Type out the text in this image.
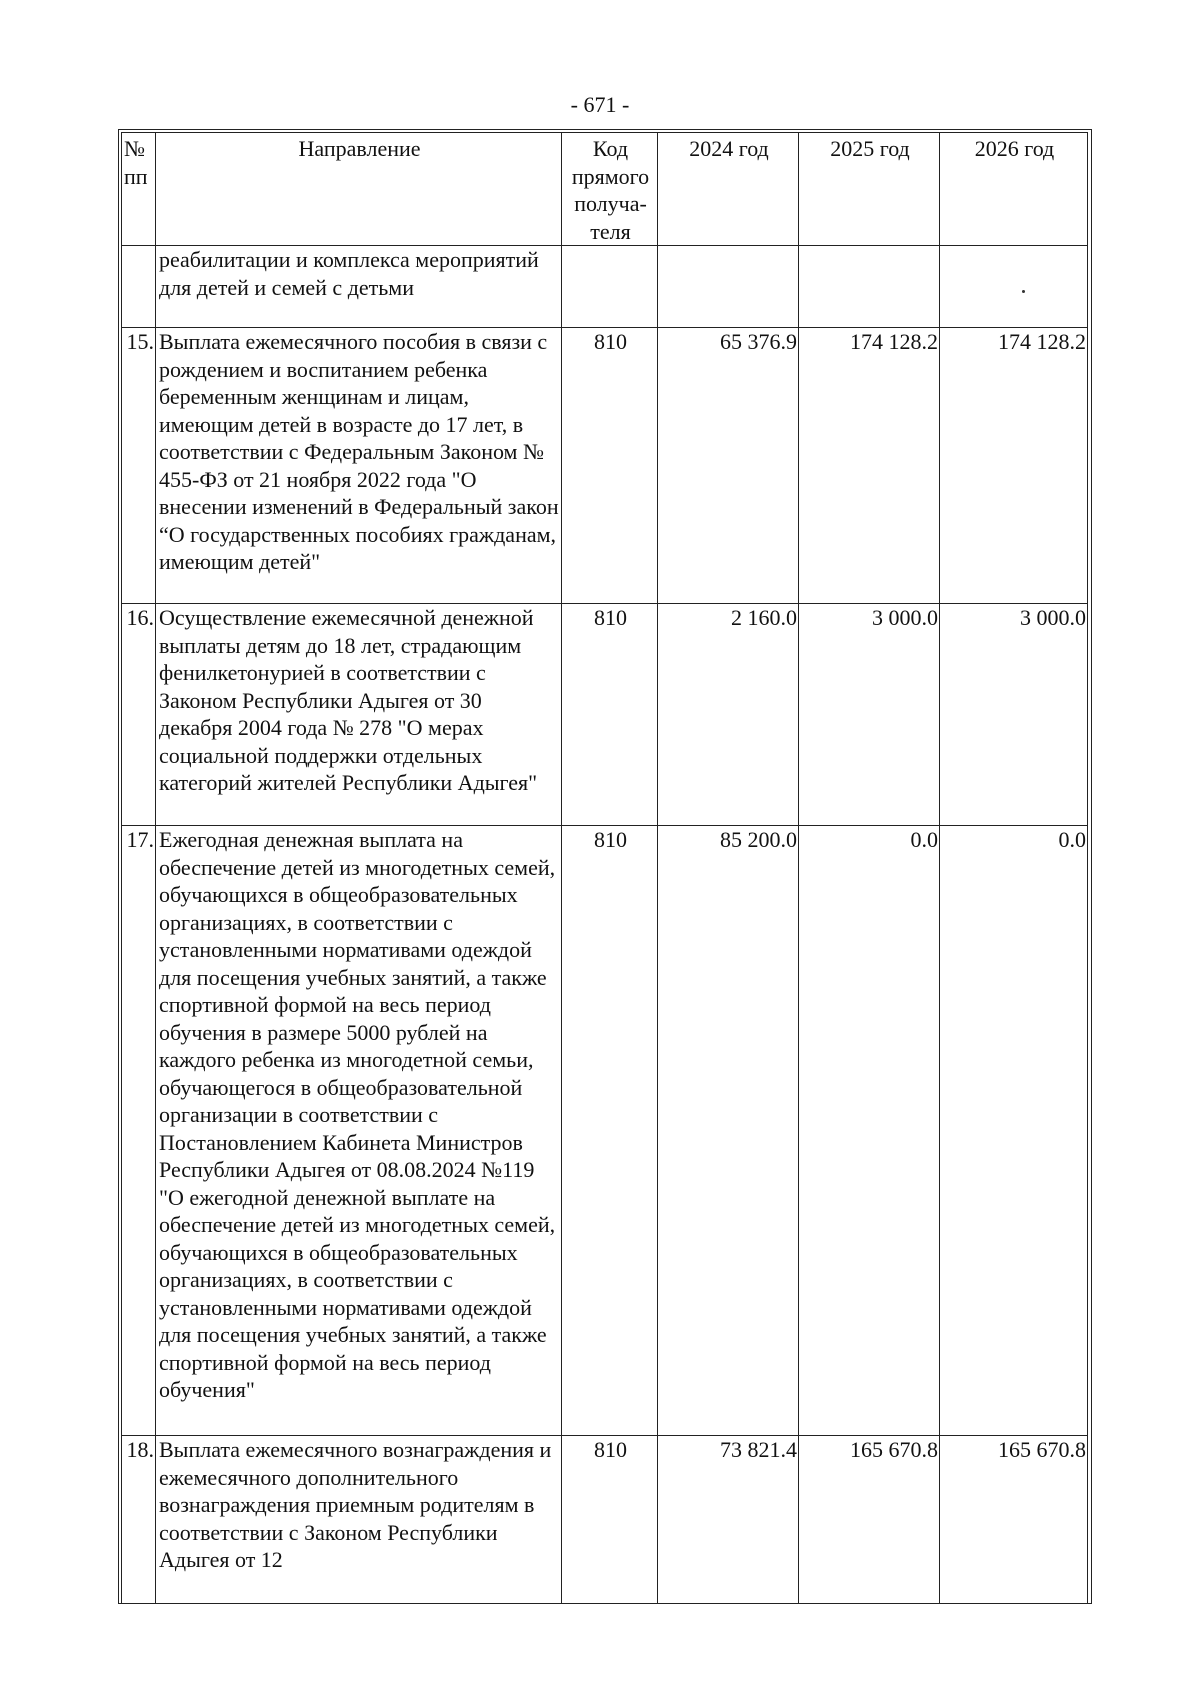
- 671 -
№ пп	Направление	Код прямого получа- теля	2024 год	2025 год	2026 год
	реабилитации и комплекса мероприятий для детей и семей с детьми				
15.	Выплата ежемесячного пособия в связи с рождением и воспитанием ребенка беременным женщинам и лицам, имеющим детей в возрасте до 17 лет, в соответствии с Федеральным Законом № 455-ФЗ от 21 ноября 2022 года "О внесении изменений в Федеральный закон “О государственных пособиях гражданам, имеющим детей"	810	65 376.9	174 128.2	174 128.2
16.	Осуществление ежемесячной денежной выплаты детям до 18 лет, страдающим фенилкетонурией в соответствии с Законом Республики Адыгея от 30 декабря 2004 года № 278 "О мерах социальной поддержки отдельных категорий жителей Республики Адыгея"	810	2 160.0	3 000.0	3 000.0
17.	Ежегодная денежная выплата на обеспечение детей из многодетных семей, обучающихся в общеобразовательных организациях, в соответствии с установленными нормативами одеждой для посещения учебных занятий, а также спортивной формой на весь период обучения в размере 5000 рублей на каждого ребенка из многодетной семьи, обучающегося в общеобразовательной организации в соответствии с Постановлением Кабинета Министров Республики Адыгея от 08.08.2024 №119 "О ежегодной денежной выплате на обеспечение детей из многодетных семей, обучающихся в общеобразовательных организациях, в соответствии с установленными нормативами одеждой для посещения учебных занятий, а также спортивной формой на весь период обучения"	810	85 200.0	0.0	0.0
18.	Выплата ежемесячного вознаграждения и ежемесячного дополнительного вознаграждения приемным родителям в соответствии с Законом Республики Адыгея от 12	810	73 821.4	165 670.8	165 670.8
